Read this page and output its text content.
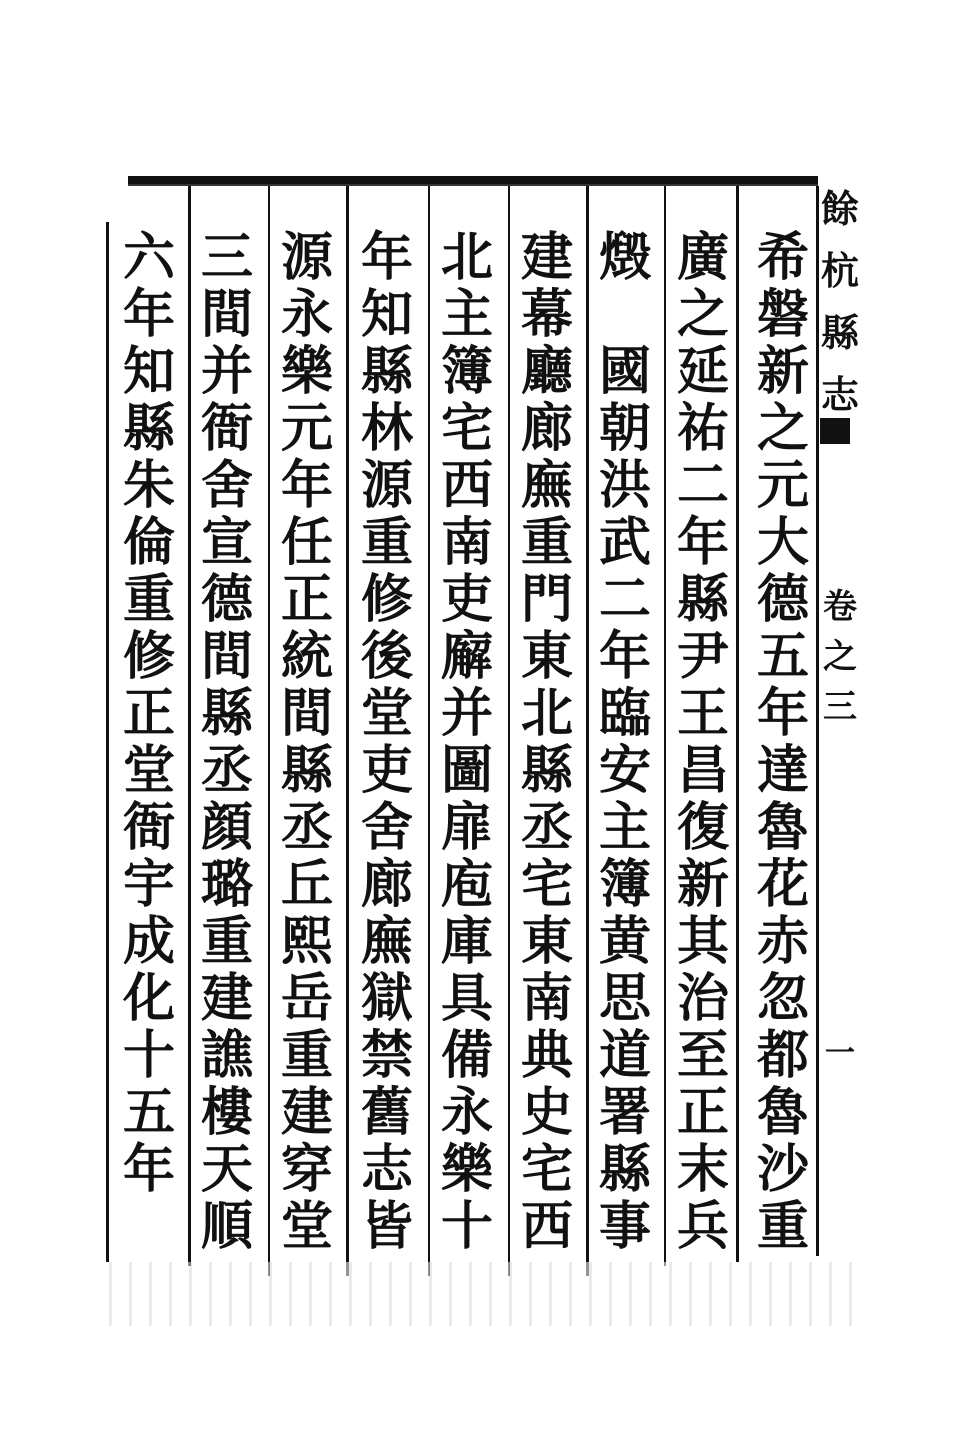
餘
杭
縣
志
卷
之
三
一
希
磐
新
之
元
大
德
五
年
達
魯
花
赤
忽
都
魯
沙
重
廣
之
延
祐
二
年
縣
尹
王
昌
復
新
其
治
至
正
末
兵
燬

國
朝
洪
武
二
年
臨
安
主
簿
黄
思
道
署
縣
事
建
幕
廳
廊
廡
重
門
東
北
縣
丞
宅
東
南
典
史
宅
西
北
主
簿
宅
西
南
吏
廨
并
圖
扉
庖
庫
具
備
永
樂
十
年
知
縣
林
源
重
修
後
堂
吏
舍
廊
廡
獄
禁
舊
志
皆
源
永
樂
元
年
任
正
統
間
縣
丞
丘
熙
岳
重
建
穿
堂
三
間
并
衙
舍
宣
德
間
縣
丞
顔
璐
重
建
譙
樓
天
順
六
年
知
縣
朱
倫
重
修
正
堂
衙
宇
成
化
十
五
年
